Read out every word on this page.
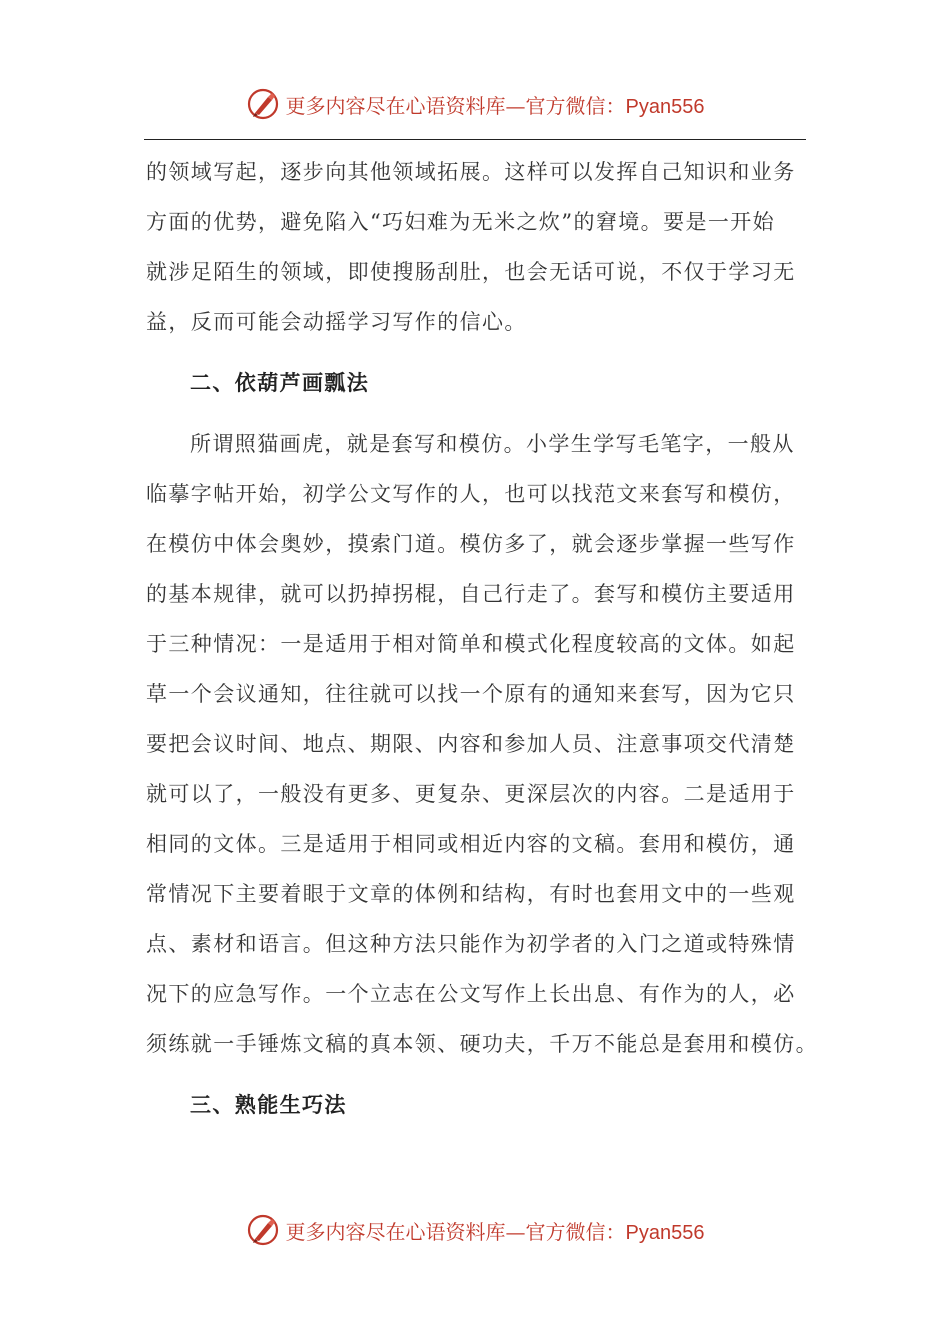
更多内容尽在心语资料库—官方微信：Pyan556
的领域写起，逐步向其他领域拓展。这样可以发挥自己知识和业务
方面的优势，避免陷入“巧妇难为无米之炊”的窘境。要是一开始
就涉足陌生的领域，即使搜肠刮肚，也会无话可说，不仅于学习无
益，反而可能会动摇学习写作的信心。
二、依葫芦画瓢法
所谓照猫画虎，就是套写和模仿。小学生学写毛笔字，一般从
临摹字帖开始，初学公文写作的人，也可以找范文来套写和模仿，
在模仿中体会奥妙，摸索门道。模仿多了，就会逐步掌握一些写作
的基本规律，就可以扔掉拐棍，自己行走了。套写和模仿主要适用
于三种情况：一是适用于相对简单和模式化程度较高的文体。如起
草一个会议通知，往往就可以找一个原有的通知来套写，因为它只
要把会议时间、地点、期限、内容和参加人员、注意事项交代清楚
就可以了，一般没有更多、更复杂、更深层次的内容。二是适用于
相同的文体。三是适用于相同或相近内容的文稿。套用和模仿，通
常情况下主要着眼于文章的体例和结构，有时也套用文中的一些观
点、素材和语言。但这种方法只能作为初学者的入门之道或特殊情
况下的应急写作。一个立志在公文写作上长出息、有作为的人，必
须练就一手锤炼文稿的真本领、硬功夫，千万不能总是套用和模仿。
三、熟能生巧法
更多内容尽在心语资料库—官方微信：Pyan556
